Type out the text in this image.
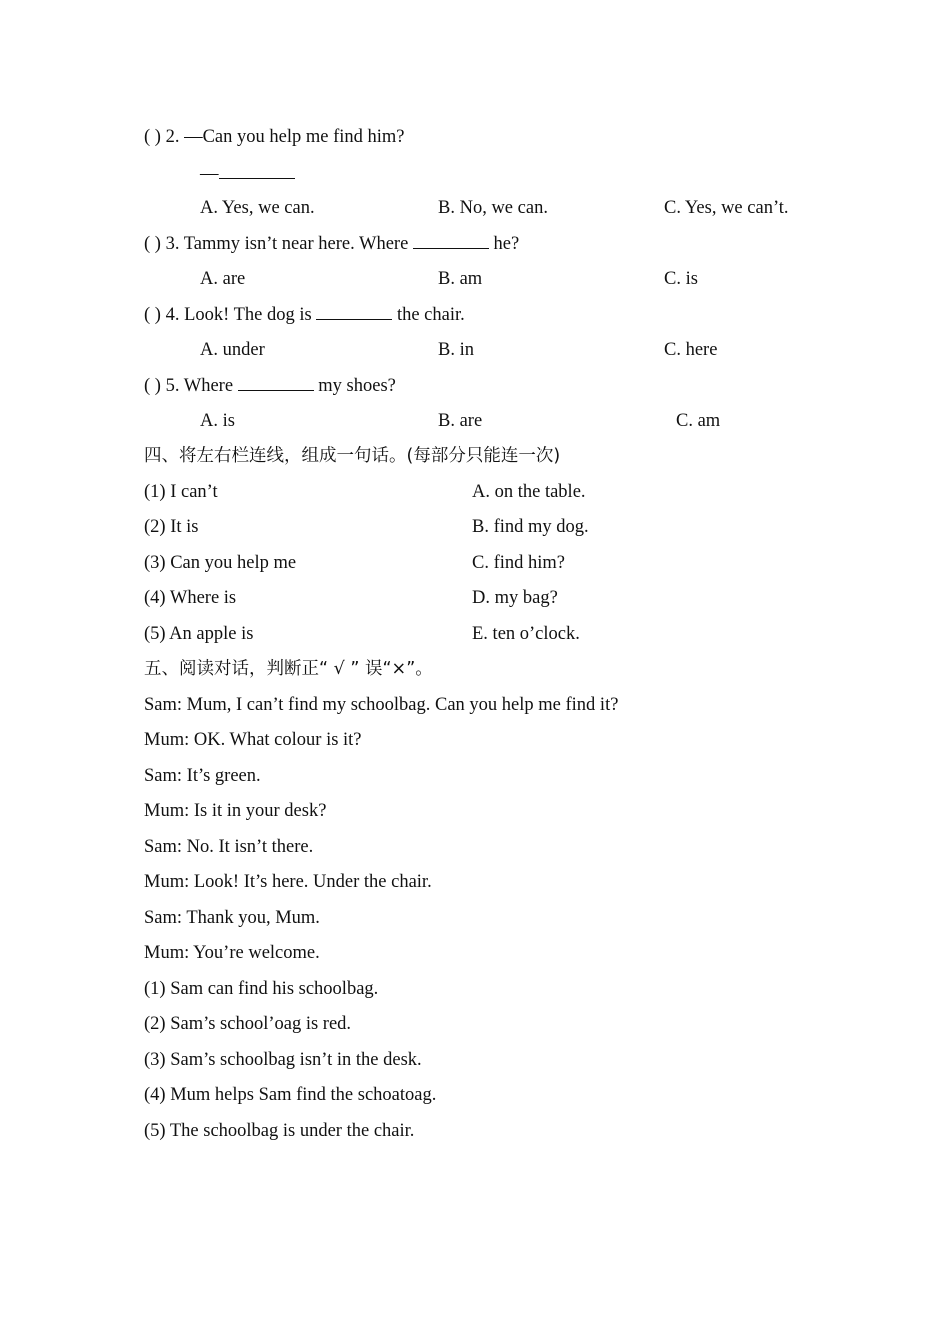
( ) 2. —Can you help me find him?
—
A. Yes, we can.	B. No, we can.	C. Yes, we can’t.
( ) 3. Tammy isn’t near here. Where	he?
A. are	B. am	C. is
( ) 4. Look! The dog is	the chair.
A. under	B. in	C. here
( ) 5. Where	my shoes?
A. is	B. are	C. am
四、将左右栏连线，组成一句话。(每部分只能连一次)
(1) I can’t	A. on the table.
(2) It is	B. find my dog.
(3) Can you help me	C. find him?
(4) Where is	D. my bag?
(5) An apple is	E. ten o’clock.
五、阅读对话，判断正“ √ ” 误“×”。
Sam: Mum, I can’t find my schoolbag. Can you help me find it?
Mum: OK. What colour is it?
Sam: It’s green.
Mum: Is it in your desk?
Sam: No. It isn’t there.
Mum: Look! It’s here. Under the chair.
Sam: Thank you, Mum.
Mum: You’re welcome.
(1) Sam can find his schoolbag.
(2) Sam’s school’oag is red.
(3) Sam’s schoolbag isn’t in the desk.
(4) Mum helps Sam find the schoatoag.
(5) The schoolbag is under the chair.
